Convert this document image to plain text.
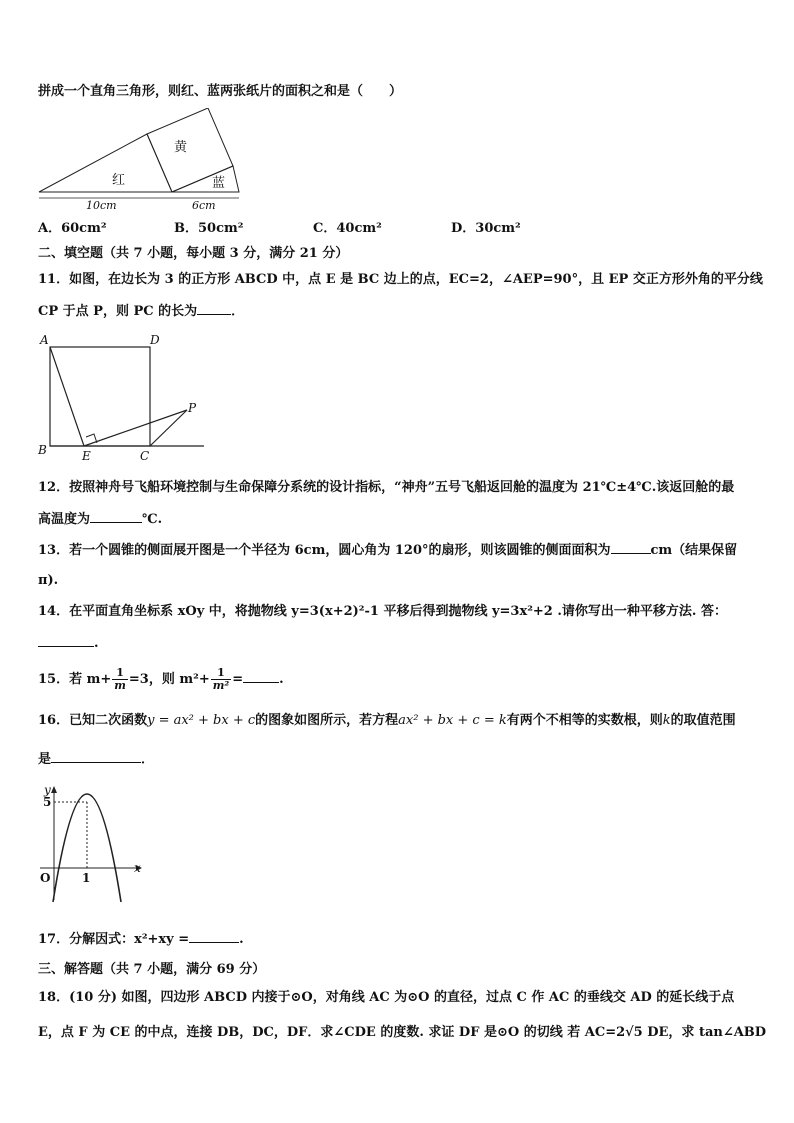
拼成一个直角三角形，则红、蓝两张纸片的面积之和是（　　）
红
黄
蓝
10cm	6cm
A．60cm²	B．50cm²	C．40cm²	D．30cm²
二、填空题（共 7 小题，每小题 3 分，满分 21 分）
11．如图，在边长为 3 的正方形 ABCD 中，点 E 是 BC 边上的点，EC=2，∠AEP=90°，且 EP 交正方形外角的平分线
CP 于点 P，则 PC 的长为	．
A	D
B	E	C
P
12．按照神舟号飞船环境控制与生命保障分系统的设计指标，“神舟”五号飞船返回舱的温度为 21℃±4℃.该返回舱的最
高温度为	℃.
13．若一个圆锥的侧面展开图是一个半径为 6cm，圆心角为 120°的扇形，则该圆锥的侧面面积为	cm（结果保留
π).
14．在平面直角坐标系 xOy 中，将抛物线 y=3(x+2)²-1 平移后得到抛物线 y=3x²+2 .请你写出一种平移方法. 答：
.
15．若 $m+ \frac{1}{m} =3$，则 $m^2+ \frac{1}{\text{m²}}$ =	.
16．已知二次函数y = ax² + bx + c的图象如图所示，若方程ax² + bx + c = k有两个不相等的实数根，则k的取值范围
是	．
y
5
x
O	1
17．分解因式：x²+xy =	.
三、解答题（共 7 小题，满分 69 分）
18．(10 分) 如图，四边形 ABCD 内接于⊙O，对角线 AC 为⊙O 的直径，过点 C 作 AC 的垂线交 AD 的延长线于点
E，点 F 为 CE 的中点，连接 DB，DC，DF．求∠CDE 的度数. 求证 DF 是⊙O 的切线 若 AC=2√5 DE，求 tan∠ABD
